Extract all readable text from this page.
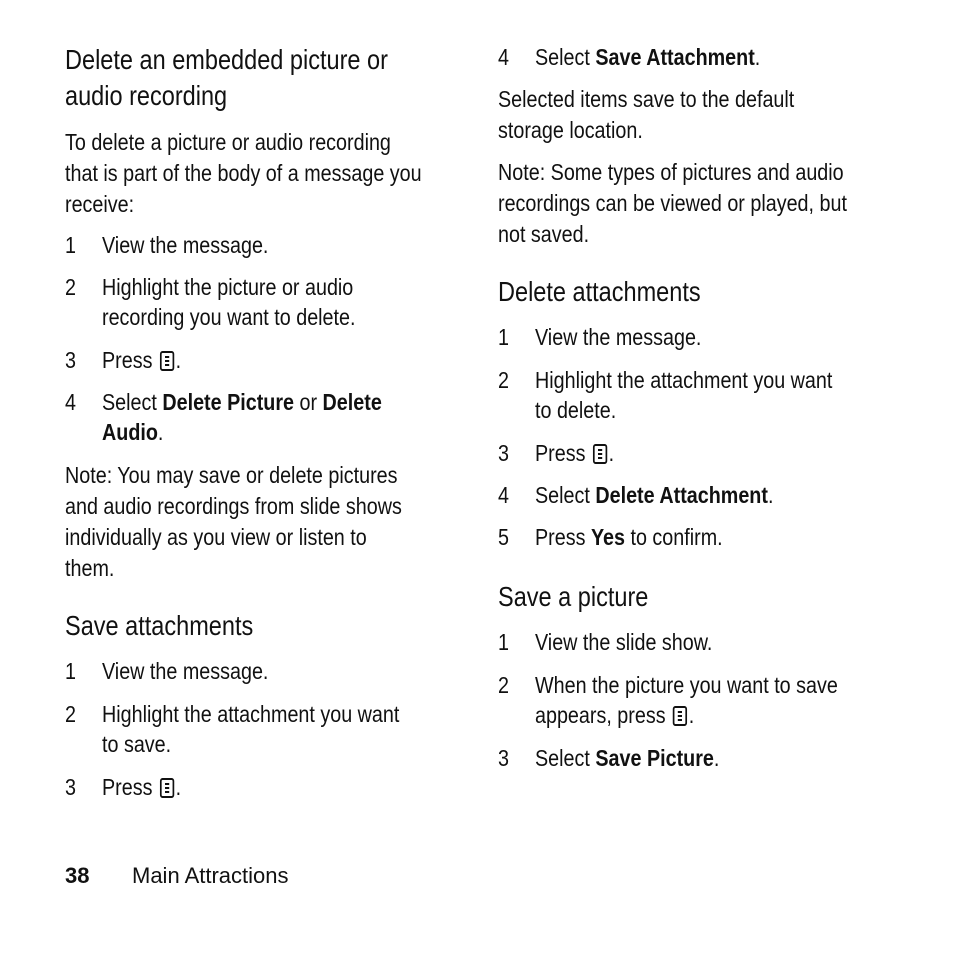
Delete an embedded picture or
audio recording
To delete a picture or audio recording
that is part of the body of a message you
receive:
1 View the message.
2 Highlight the picture or audio
recording you want to delete.
3 Press .
4 Select Delete Picture or Delete
Audio.
Note: You may save or delete pictures
and audio recordings from slide shows
individually as you view or listen to
them.
Save attachments
1 View the message.
2 Highlight the attachment you want
to save.
3 Press .
4 Select Save Attachment.
Selected items save to the default
storage location.
Note: Some types of pictures and audio
recordings can be viewed or played, but
not saved.
Delete attachments
1 View the message.
2 Highlight the attachment you want
to delete.
3 Press .
4 Select Delete Attachment.
5 Press Yes to confirm.
Save a picture
1 View the slide show.
2 When the picture you want to save
appears, press .
3 Select Save Picture.
38 Main Attractions
